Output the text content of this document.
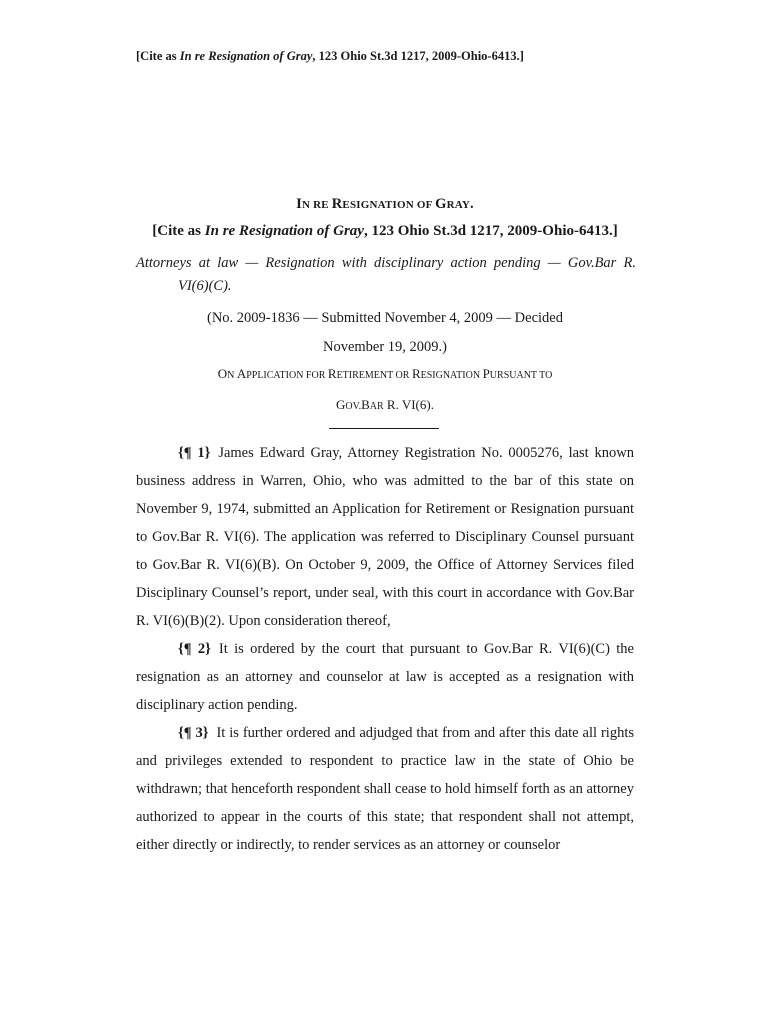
[Cite as In re Resignation of Gray, 123 Ohio St.3d 1217, 2009-Ohio-6413.]
IN RE RESIGNATION OF GRAY.
[Cite as In re Resignation of Gray, 123 Ohio St.3d 1217, 2009-Ohio-6413.]
Attorneys at law — Resignation with disciplinary action pending — Gov.Bar R.
VI(6)(C).
(No. 2009-1836 — Submitted November 4, 2009 — Decided
November 19, 2009.)
ON APPLICATION FOR RETIREMENT OR RESIGNATION PURSUANT TO
GOV.BAR R. VI(6).

{¶ 1} James Edward Gray, Attorney Registration No. 0005276, last known business address in Warren, Ohio, who was admitted to the bar of this state on November 9, 1974, submitted an Application for Retirement or Resignation pursuant to Gov.Bar R. VI(6). The application was referred to Disciplinary Counsel pursuant to Gov.Bar R. VI(6)(B). On October 9, 2009, the Office of Attorney Services filed Disciplinary Counsel’s report, under seal, with this court in accordance with Gov.Bar R. VI(6)(B)(2). Upon consideration thereof,

{¶ 2} It is ordered by the court that pursuant to Gov.Bar R. VI(6)(C) the resignation as an attorney and counselor at law is accepted as a resignation with disciplinary action pending.

{¶ 3} It is further ordered and adjudged that from and after this date all rights and privileges extended to respondent to practice law in the state of Ohio be withdrawn; that henceforth respondent shall cease to hold himself forth as an attorney authorized to appear in the courts of this state; that respondent shall not attempt, either directly or indirectly, to render services as an attorney or counselor
